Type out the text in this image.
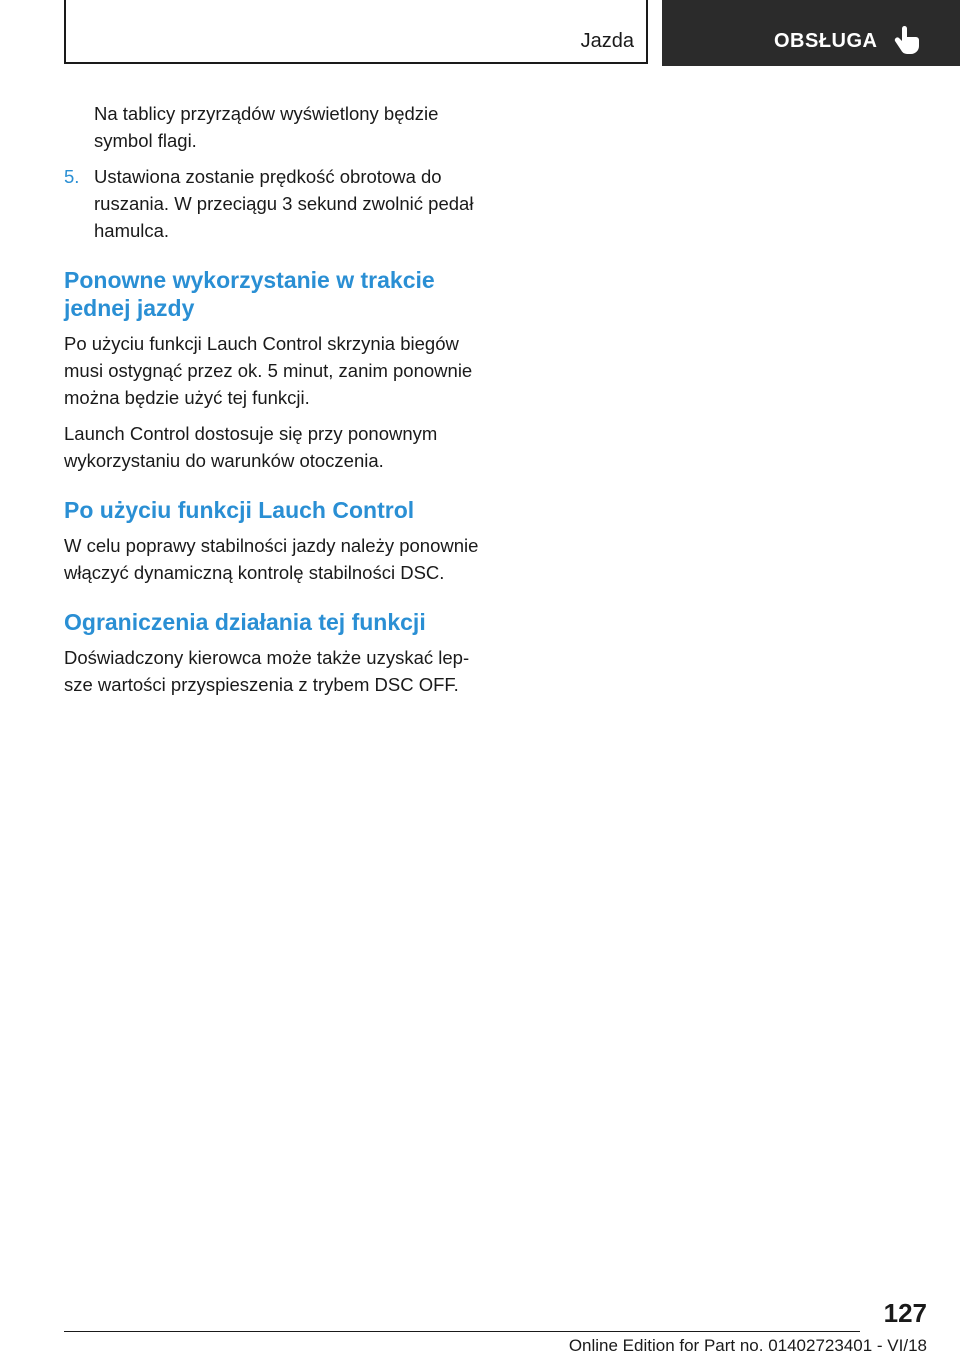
Jazda	OBSŁUGA

Na tablicy przyrządów wyświetlony będzie symbol flagi.

5. Ustawiona zostanie prędkość obrotowa do ruszania. W przeciągu 3 sekund zwolnić pedał hamulca.

Ponowne wykorzystanie w trakcie jednej jazdy

Po użyciu funkcji Lauch Control skrzynia biegów musi ostygnąć przez ok. 5 minut, zanim ponownie można będzie użyć tej funkcji.

Launch Control dostosuje się przy ponownym wykorzystaniu do warunków otoczenia.

Po użyciu funkcji Lauch Control

W celu poprawy stabilności jazdy należy ponownie włączyć dynamiczną kontrolę stabilności DSC.

Ograniczenia działania tej funkcji

Doświadczony kierowca może także uzyskać lepsze wartości przyspieszenia z trybem DSC OFF.

127
Online Edition for Part no. 01402723401 - VI/18
